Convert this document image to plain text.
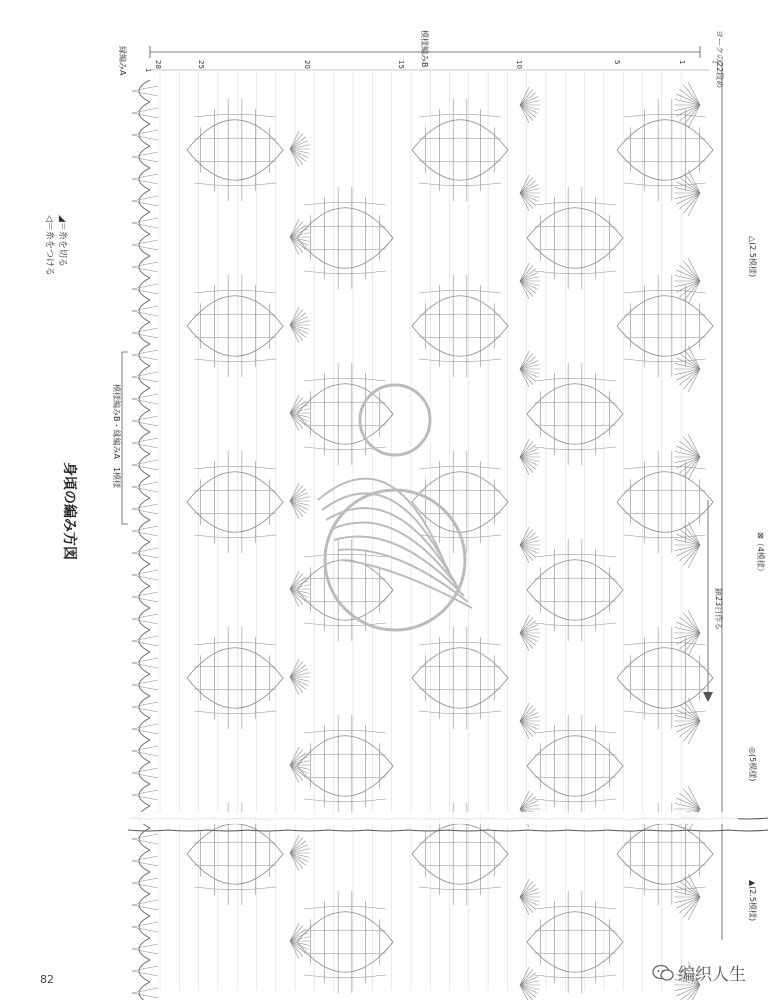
◢＝糸を切る
◁＝糸をつける
身頃の編み方図
模様編みB・縁編みA　1模様
縁編みA	模様編みB	ヨークの22段め
△(2.5模様)
⊠（4模様）
鎖23目作る
◎(5模様)
▲(2.5模様)
28	25	20	15	10	5	1
1
82	编织人生
